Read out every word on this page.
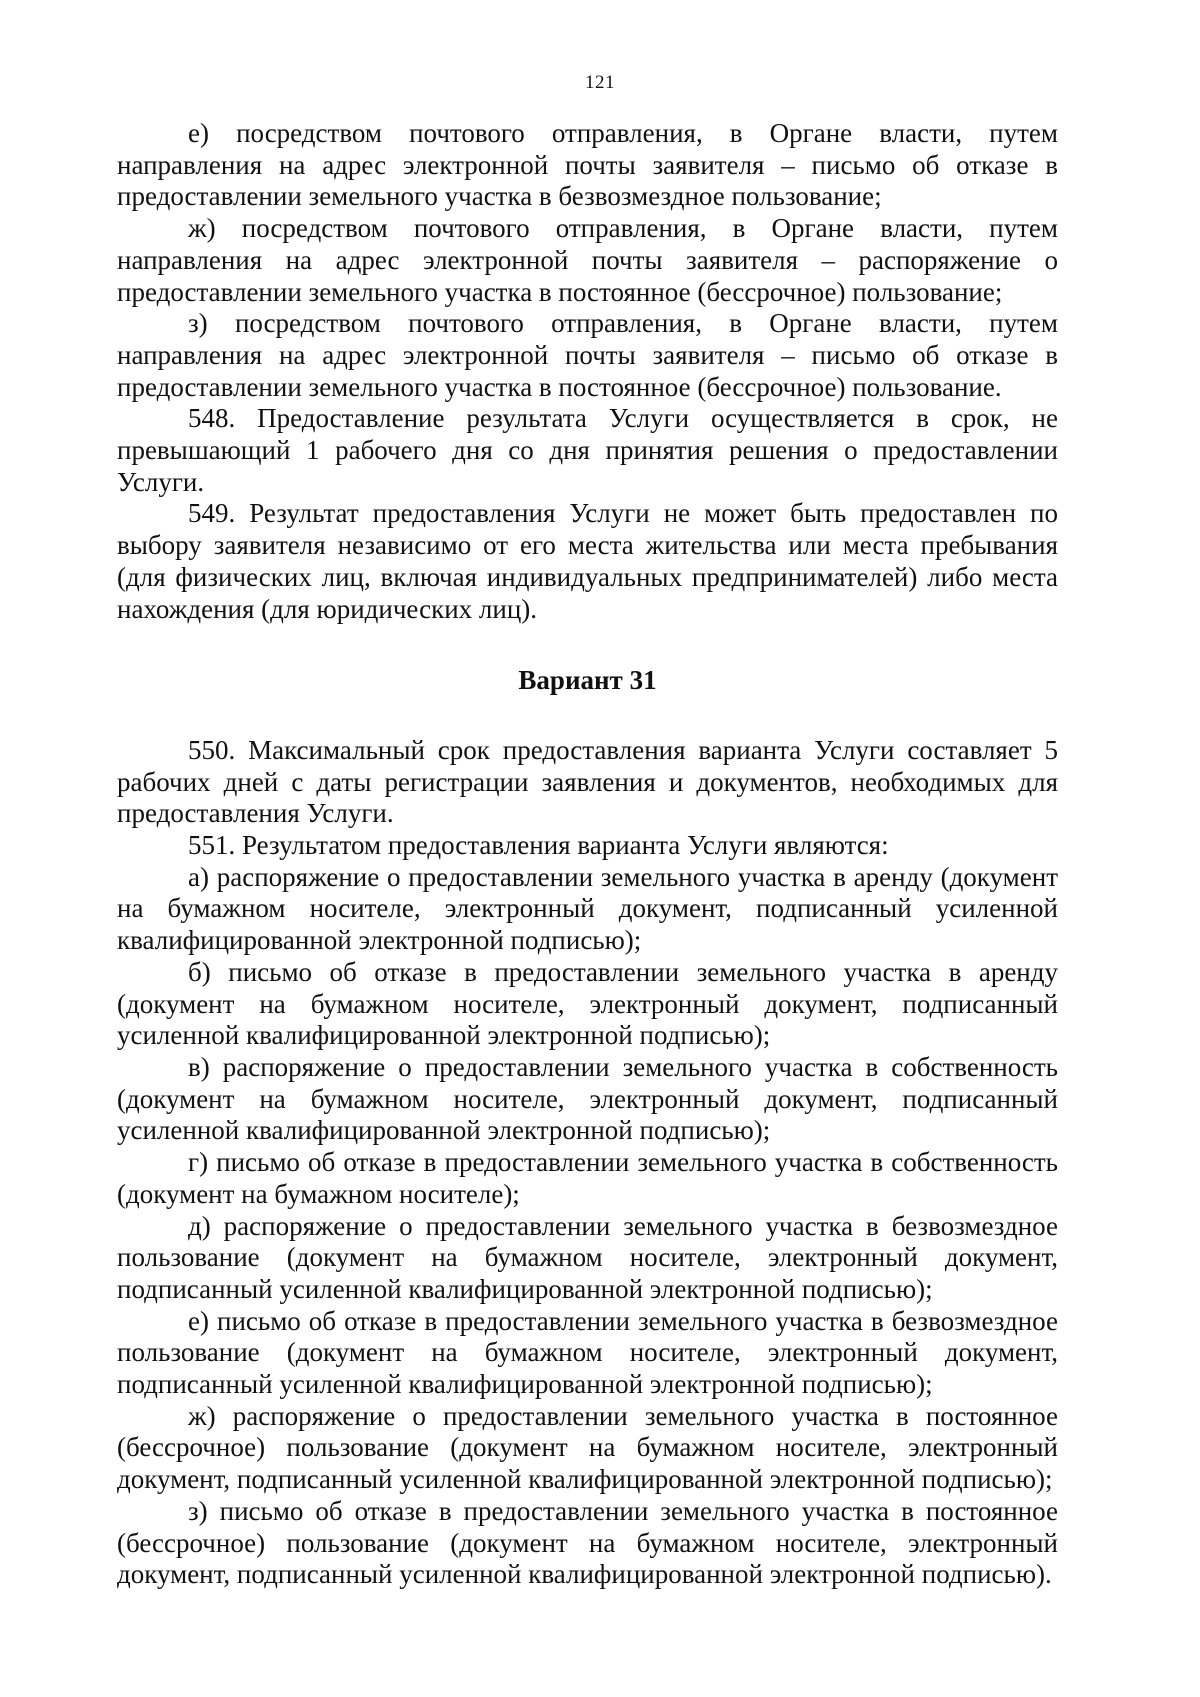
121

е) посредством почтового отправления, в Органе власти, путем направления на адрес электронной почты заявителя – письмо об отказе в предоставлении земельного участка в безвозмездное пользование;

ж) посредством почтового отправления, в Органе власти, путем направления на адрес электронной почты заявителя – распоряжение о предоставлении земельного участка в постоянное (бессрочное) пользование;

з) посредством почтового отправления, в Органе власти, путем направления на адрес электронной почты заявителя – письмо об отказе в предоставлении земельного участка в постоянное (бессрочное) пользование.

548. Предоставление результата Услуги осуществляется в срок, не превышающий 1 рабочего дня со дня принятия решения о предоставлении Услуги.

549. Результат предоставления Услуги не может быть предоставлен по выбору заявителя независимо от его места жительства или места пребывания (для физических лиц, включая индивидуальных предпринимателей) либо места нахождения (для юридических лиц).

Вариант 31

550. Максимальный срок предоставления варианта Услуги составляет 5 рабочих дней с даты регистрации заявления и документов, необходимых для предоставления Услуги.

551. Результатом предоставления варианта Услуги являются:

а) распоряжение о предоставлении земельного участка в аренду (документ на бумажном носителе, электронный документ, подписанный усиленной квалифицированной электронной подписью);

б) письмо об отказе в предоставлении земельного участка в аренду (документ на бумажном носителе, электронный документ, подписанный усиленной квалифицированной электронной подписью);

в) распоряжение о предоставлении земельного участка в собственность (документ на бумажном носителе, электронный документ, подписанный усиленной квалифицированной электронной подписью);

г) письмо об отказе в предоставлении земельного участка в собственность (документ на бумажном носителе);

д) распоряжение о предоставлении земельного участка в безвозмездное пользование (документ на бумажном носителе, электронный документ, подписанный усиленной квалифицированной электронной подписью);

е) письмо об отказе в предоставлении земельного участка в безвозмездное пользование (документ на бумажном носителе, электронный документ, подписанный усиленной квалифицированной электронной подписью);

ж) распоряжение о предоставлении земельного участка в постоянное (бессрочное) пользование (документ на бумажном носителе, электронный документ, подписанный усиленной квалифицированной электронной подписью);

з) письмо об отказе в предоставлении земельного участка в постоянное (бессрочное) пользование (документ на бумажном носителе, электронный документ, подписанный усиленной квалифицированной электронной подписью).
